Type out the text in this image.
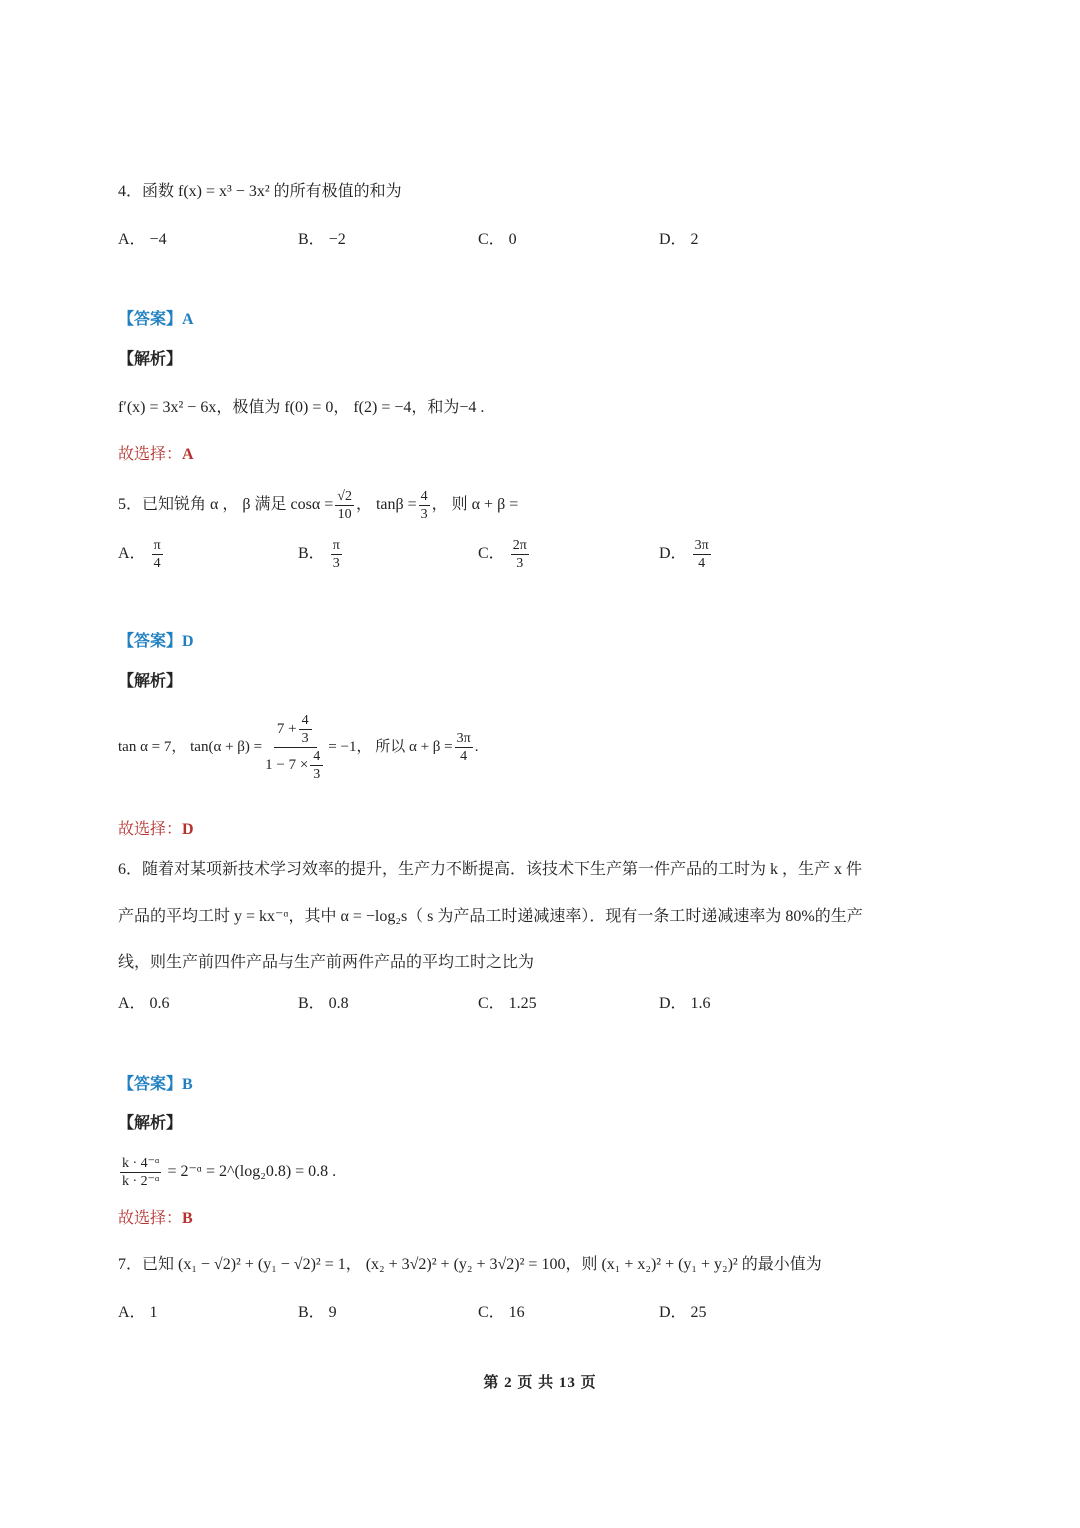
4．函数 f(x) = x³ − 3x² 的所有极值的和为
A． −4	B． −2	C． 0	D． 2
【答案】A
【解析】
f′(x) = 3x² − 6x，极值为 f(0) = 0， f(2) = −4，和为−4 .
故选择：A
5．已知锐角 α ， β 满足 $\cos\alpha = \frac{√2}{10}$ ， $\tan\beta = \frac{4}{3}$ ， 则 α + β =
A． $\frac{\pi}{4}$	B． $\frac{\pi}{3}$	C． $\frac{2\pi}{3}$	D． $\frac{3\pi}{4}$
【答案】D
【解析】
tan α = 7， $\tan(\alpha + \beta) = \frac{7 + \frac{4}{3}}{1 - 7 \times \frac{4}{3}} = -1$， 所以 $\alpha + \beta = \frac{3\pi}{4}$ .
故选择：D
6．随着对某项新技术学习效率的提升，生产力不断提高．该技术下生产第一件产品的工时为 k ，生产 x 件
产品的平均工时 y = kx⁻ᵅ，其中 α = −log₂s（ s 为产品工时递减速率）．现有一条工时递减速率为 80%的生产
线，则生产前四件产品与生产前两件产品的平均工时之比为
A． 0.6	B． 0.8	C． 1.25	D． 1.6
【答案】B
【解析】
$\frac{\text{k · 4⁻ᵅ}}{\text{k · 2⁻ᵅ}}$ = 2⁻ᵅ = 2^(log₂0.8) = 0.8 .
故选择：B
7．已知 (x₁ − √2)² + (y₁ − √2)² = 1， (x₂ + 3√2)² + (y₂ + 3√2)² = 100，则 (x₁ + x₂)² + (y₁ + y₂)² 的最小值为
A． 1	B． 9	C． 16	D． 25
第 2 页 共 13 页
